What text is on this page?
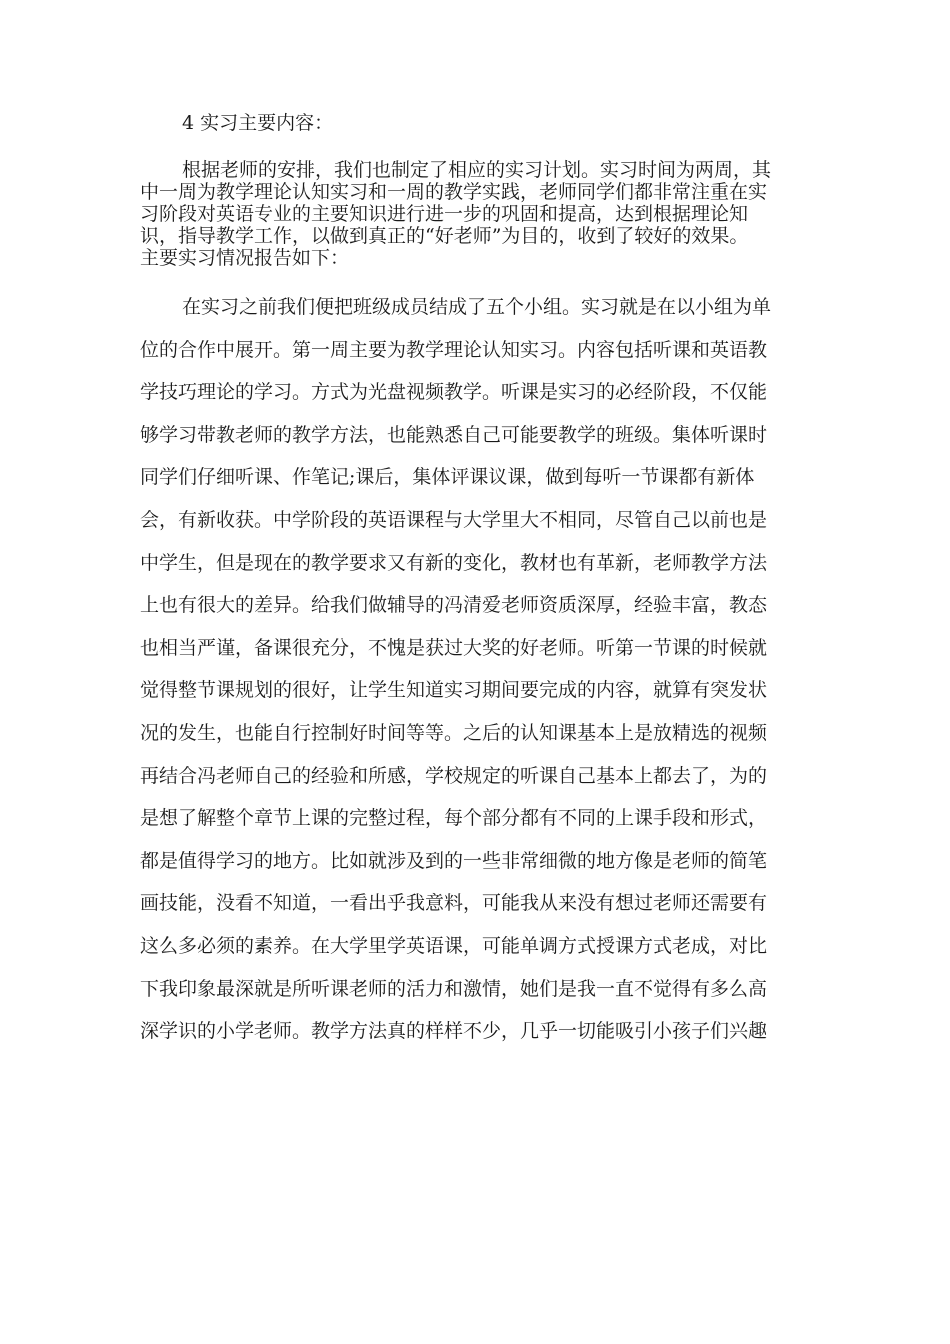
4 实习主要内容：

根据老师的安排，我们也制定了相应的实习计划。实习时间为两周，其
中一周为教学理论认知实习和一周的教学实践，老师同学们都非常注重在实
习阶段对英语专业的主要知识进行进一步的巩固和提高，达到根据理论知
识，指导教学工作，以做到真正的“好老师”为目的，收到了较好的效果。
主要实习情况报告如下：

在实习之前我们便把班级成员结成了五个小组。实习就是在以小组为单
位的合作中展开。第一周主要为教学理论认知实习。内容包括听课和英语教
学技巧理论的学习。方式为光盘视频教学。听课是实习的必经阶段，不仅能
够学习带教老师的教学方法，也能熟悉自己可能要教学的班级。集体听课时
同学们仔细听课、作笔记;课后，集体评课议课，做到每听一节课都有新体
会，有新收获。中学阶段的英语课程与大学里大不相同，尽管自己以前也是
中学生，但是现在的教学要求又有新的变化，教材也有革新，老师教学方法
上也有很大的差异。给我们做辅导的冯清爱老师资质深厚，经验丰富，教态
也相当严谨，备课很充分，不愧是获过大奖的好老师。听第一节课的时候就
觉得整节课规划的很好，让学生知道实习期间要完成的内容，就算有突发状
况的发生，也能自行控制好时间等等。之后的认知课基本上是放精选的视频
再结合冯老师自己的经验和所感，学校规定的听课自己基本上都去了，为的
是想了解整个章节上课的完整过程，每个部分都有不同的上课手段和形式，
都是值得学习的地方。比如就涉及到的一些非常细微的地方像是老师的简笔
画技能，没看不知道，一看出乎我意料，可能我从来没有想过老师还需要有
这么多必须的素养。在大学里学英语课，可能单调方式授课方式老成，对比
下我印象最深就是所听课老师的活力和激情，她们是我一直不觉得有多么高
深学识的小学老师。教学方法真的样样不少，几乎一切能吸引小孩子们兴趣
